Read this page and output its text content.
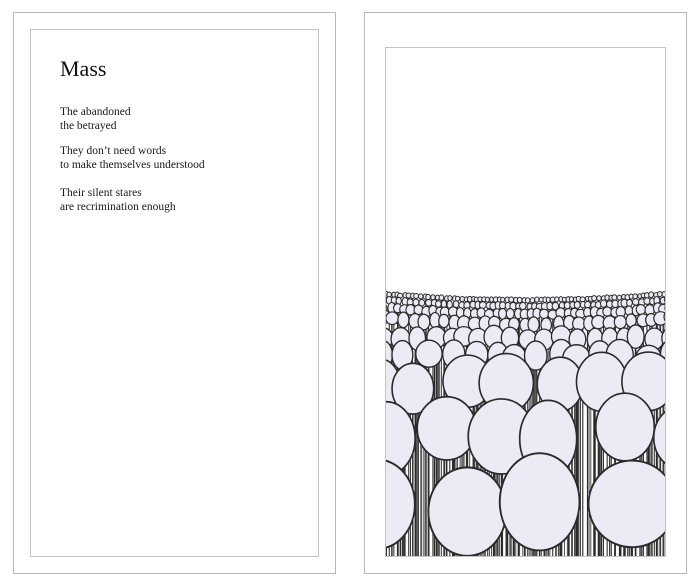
Mass

The abandoned
the betrayed

They don’t need words
to make themselves understood

Their silent stares
are recrimination enough
